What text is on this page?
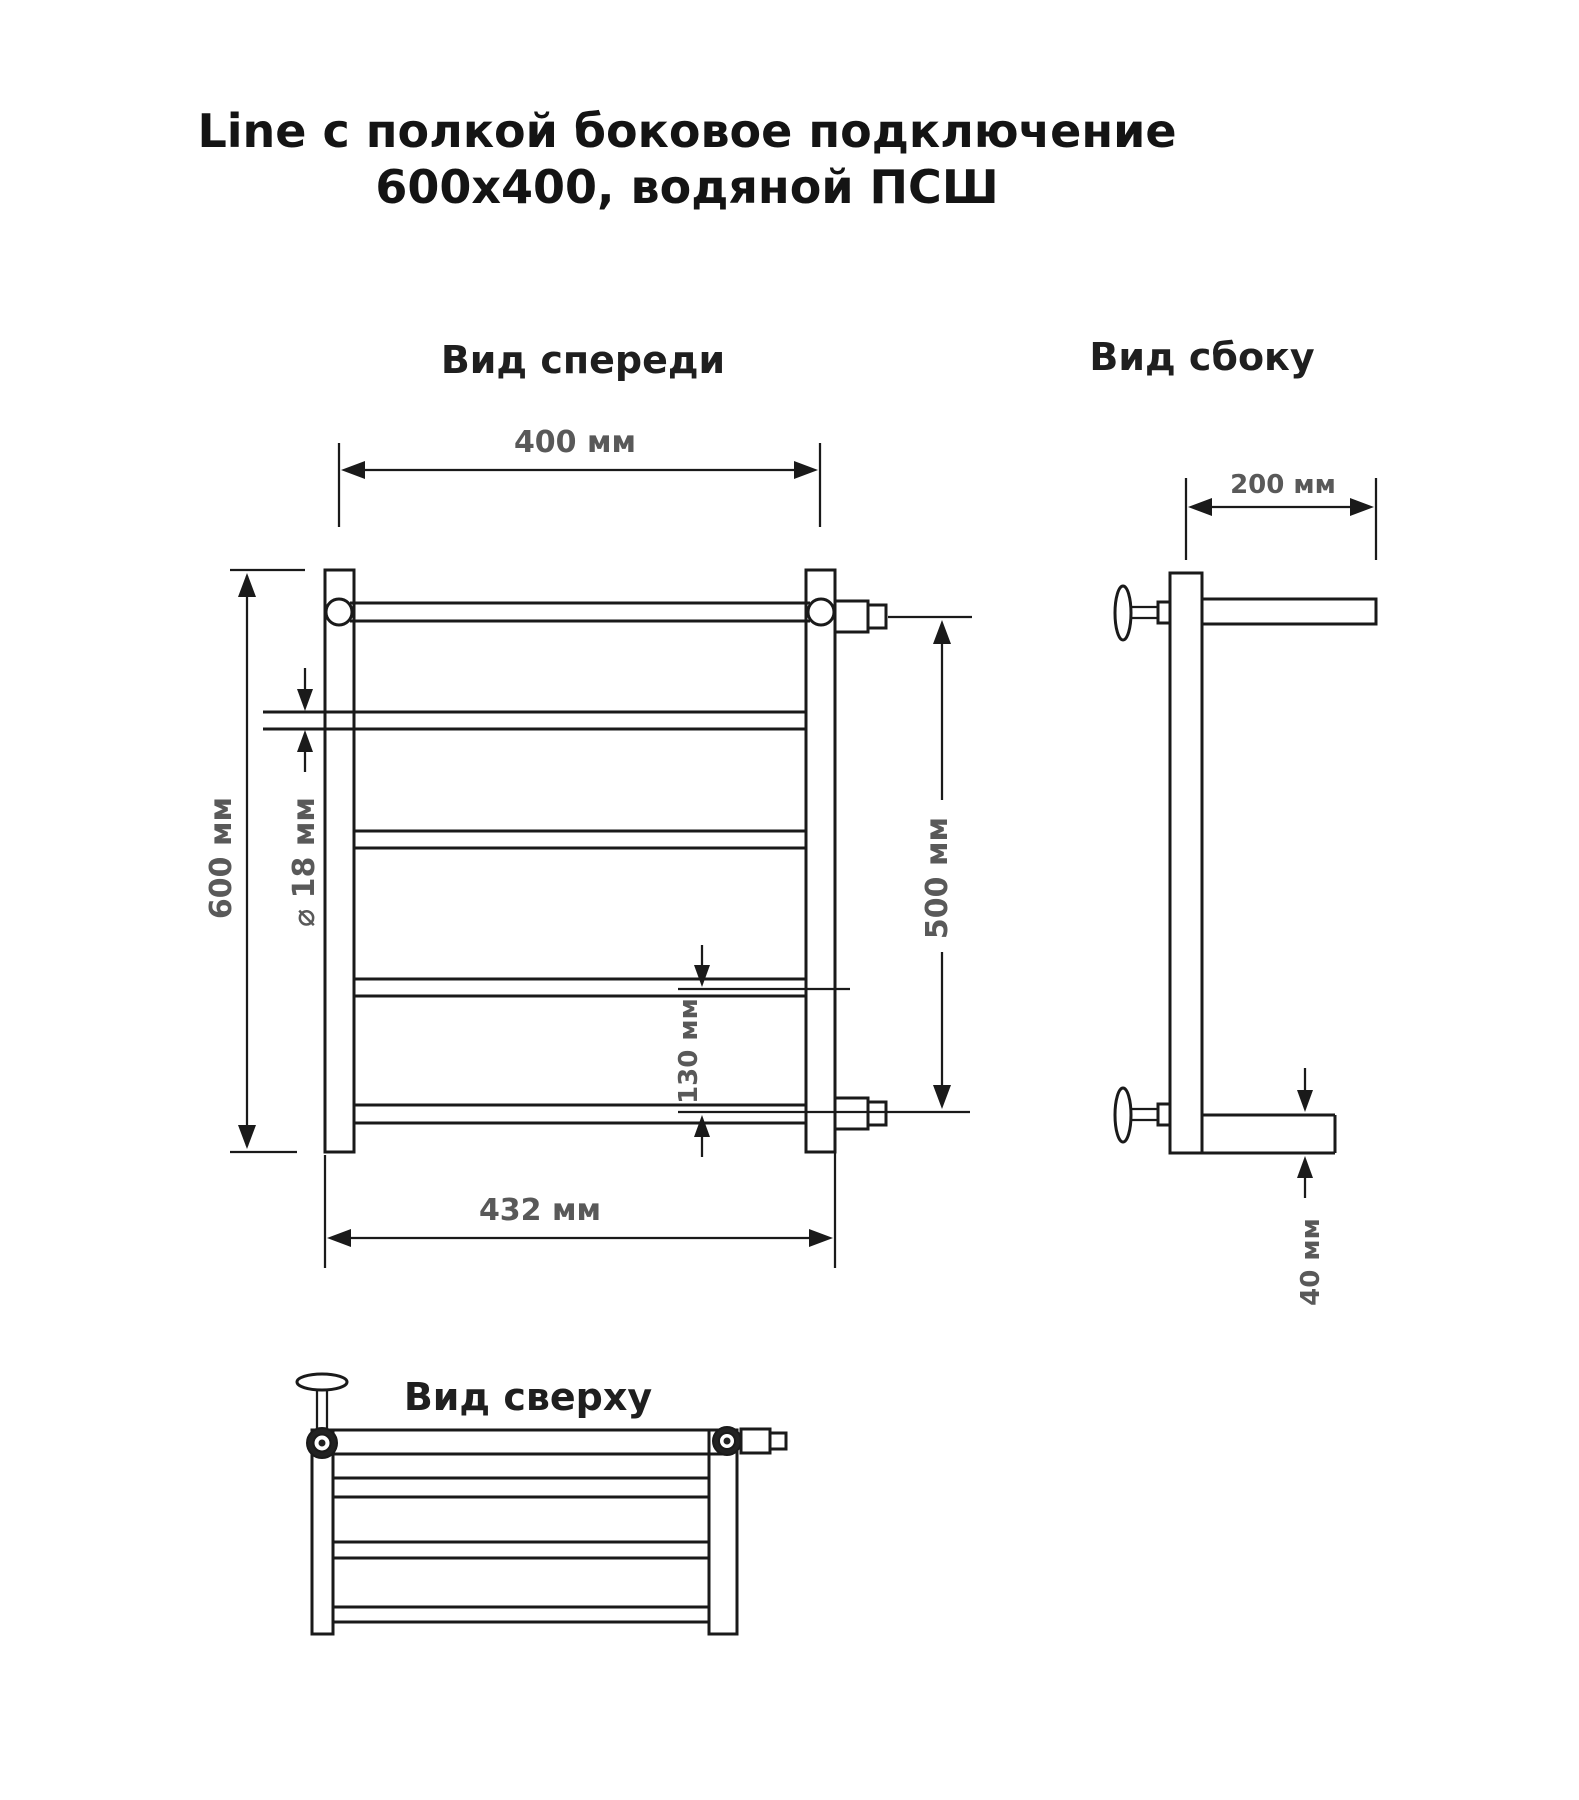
Line с полкой боковое подключение
600x400, водяной ПСШ
Вид спереди
400 мм
600 мм ⌀ 18 мм	500 мм
130 мм
432 мм
Вид сбоку
200 мм
40 мм
Вид сверху
